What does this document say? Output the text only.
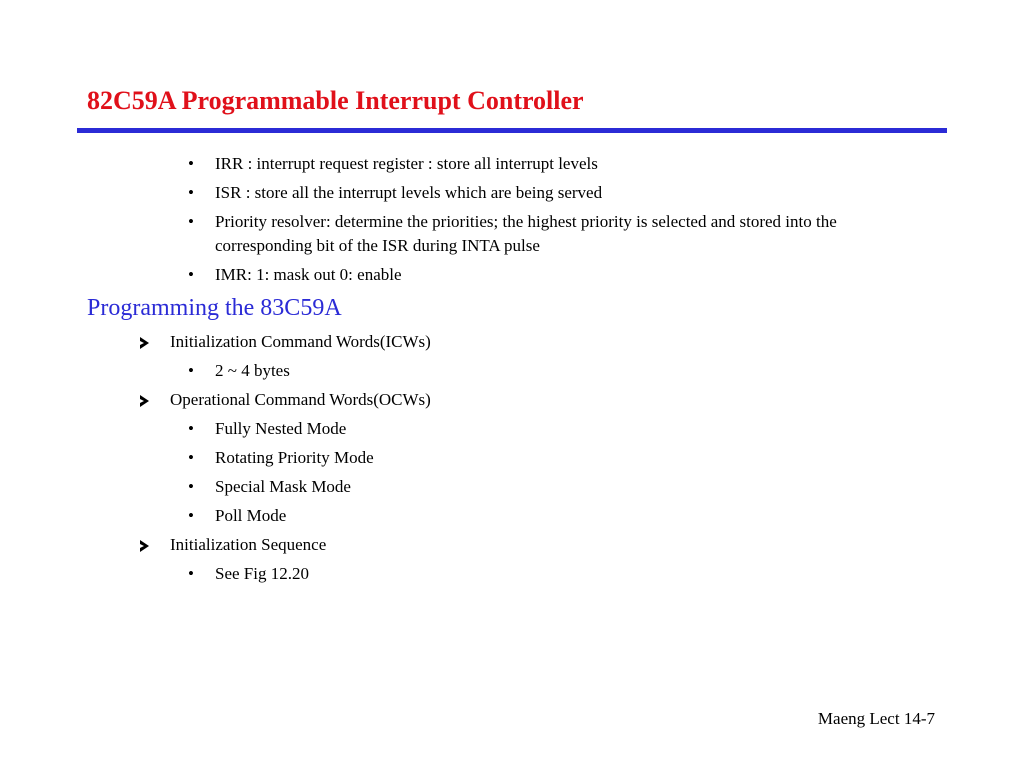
82C59A Programmable Interrupt Controller
• IRR : interrupt request register : store all interrupt levels
• ISR : store all the interrupt levels which are being served
• Priority resolver: determine the priorities; the highest priority is selected and stored into the corresponding bit of the ISR during INTA pulse
• IMR: 1: mask out 0: enable
Programming the 83C59A
Initialization Command Words(ICWs)
• 2 ~ 4 bytes
Operational Command Words(OCWs)
• Fully Nested Mode
• Rotating Priority Mode
• Special Mask Mode
• Poll Mode
Initialization Sequence
• See Fig 12.20
Maeng Lect 14-7
